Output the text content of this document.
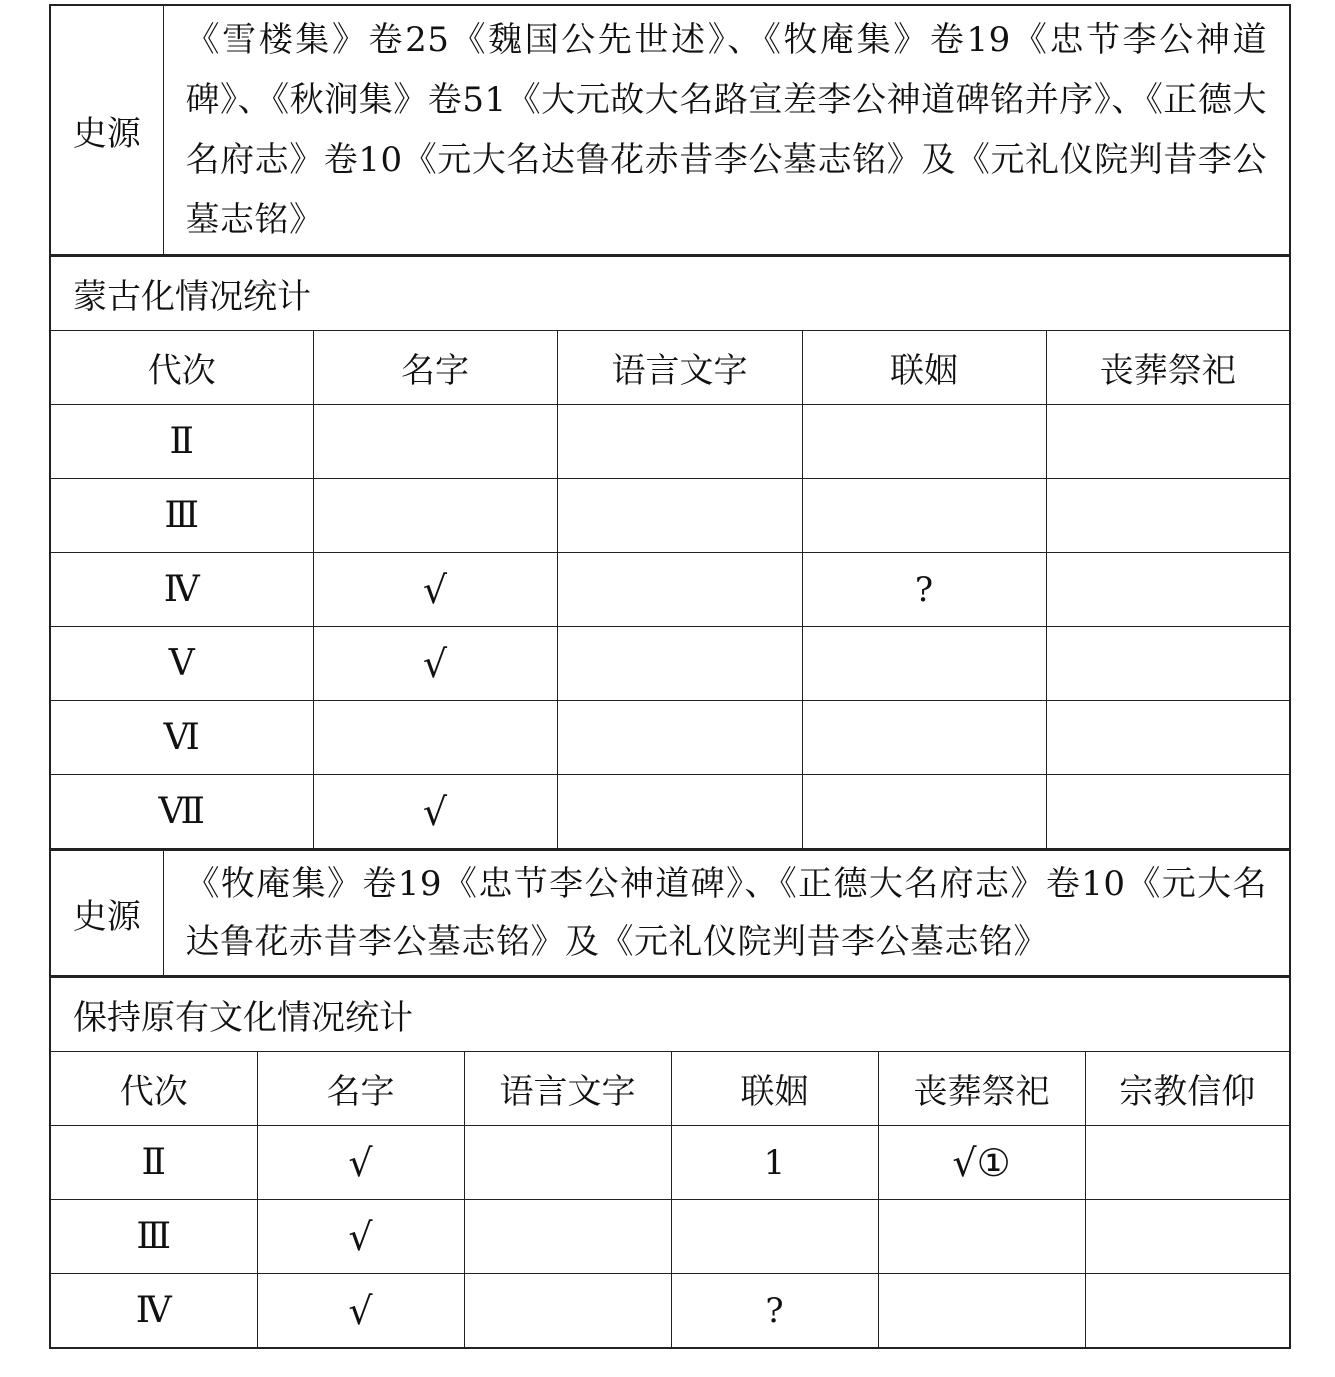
史源	《雪楼集》卷25《魏国公先世述》、《牧庵集》卷19《忠节李公神道碑》、《秋涧集》卷51《大元故大名路宣差李公神道碑铭并序》、《正德大名府志》卷10《元大名达鲁花赤昔李公墓志铭》及《元礼仪院判昔李公墓志铭》
蒙古化情况统计				
代次	名字	语言文字	联姻	丧葬祭祀
Ⅱ				
Ⅲ				
Ⅳ	√		?	
Ⅴ	√			
Ⅵ				
Ⅶ	√			
史源	《牧庵集》卷19《忠节李公神道碑》、《正德大名府志》卷10《元大名达鲁花赤昔李公墓志铭》及《元礼仪院判昔李公墓志铭》
保持原有文化情况统计					
代次	名字	语言文字	联姻	丧葬祭祀	宗教信仰
Ⅱ	√		1	√①	
Ⅲ	√				
Ⅳ	√		?		
